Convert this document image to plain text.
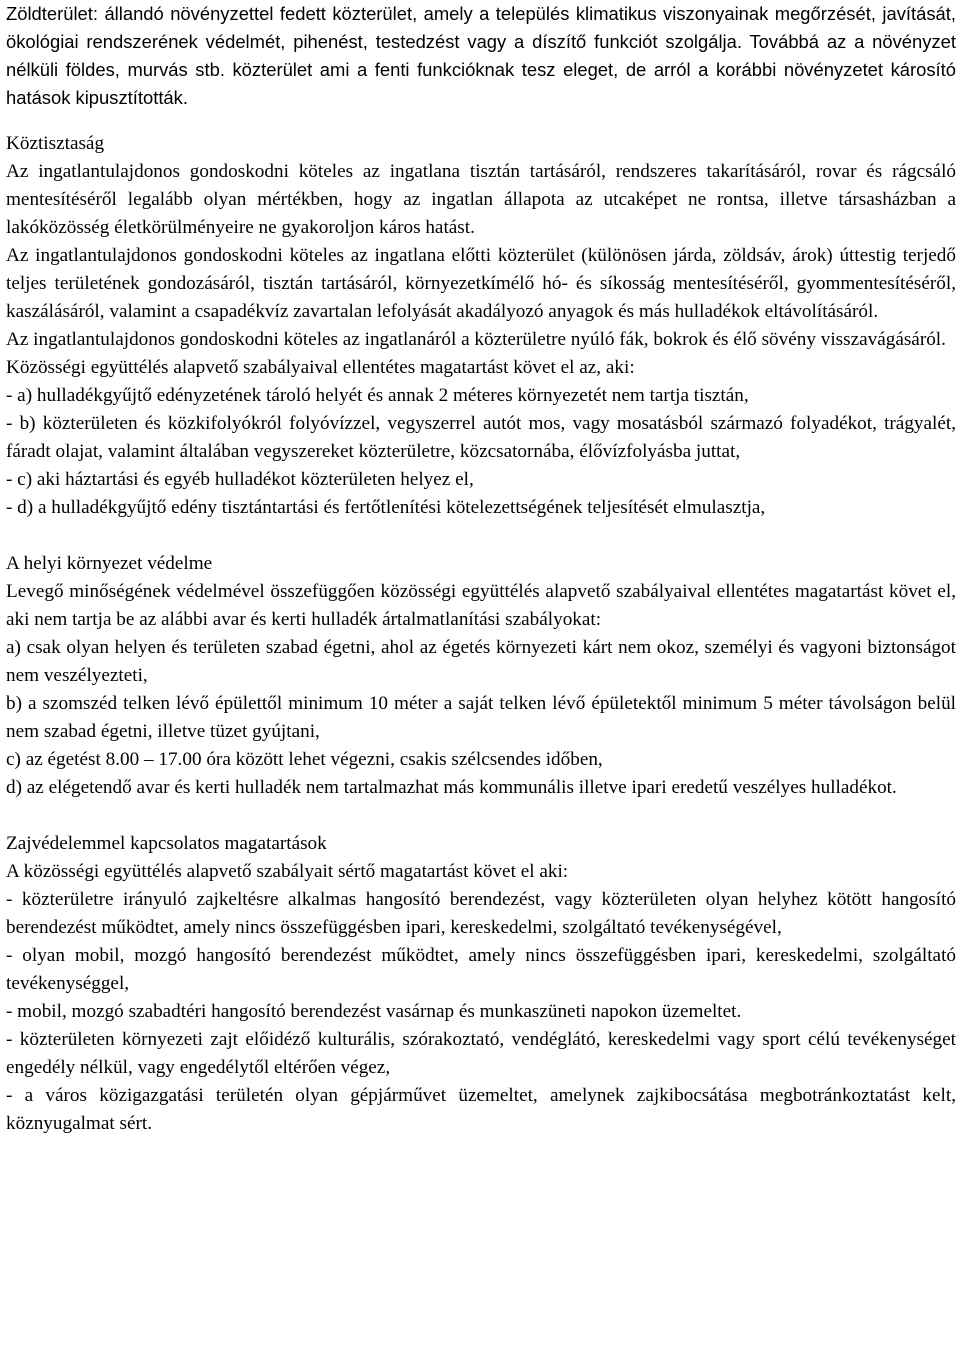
Zöldterület: állandó növényzettel fedett közterület, amely a település klimatikus viszonyainak megőrzését, javítását, ökológiai rendszerének védelmét, pihenést, testedzést vagy a díszítő funkciót szolgálja. Továbbá az a növényzet nélküli földes, murvás stb. közterület ami a fenti funkcióknak tesz eleget, de arról a korábbi növényzetet károsító hatások kipusztították.

Köztisztaság

Az ingatlantulajdonos gondoskodni köteles az ingatlana tisztán tartásáról, rendszeres takarításáról, rovar és rágcsáló mentesítéséről legalább olyan mértékben, hogy az ingatlan állapota az utcaképet ne rontsa, illetve társasházban a lakóközösség életkörülményeire ne gyakoroljon káros hatást.

Az ingatlantulajdonos gondoskodni köteles az ingatlana előtti közterület (különösen járda, zöldsáv, árok) úttestig terjedő teljes területének gondozásáról, tisztán tartásáról, környezetkímélő hó- és síkosság mentesítéséről, gyommentesítéséről, kaszálásáról, valamint a csapadékvíz zavartalan lefolyását akadályozó anyagok és más hulladékok eltávolításáról.

Az ingatlantulajdonos gondoskodni köteles az ingatlanáról a közterületre nyúló fák, bokrok és élő sövény visszavágásáról.

Közösségi együttélés alapvető szabályaival ellentétes magatartást követ el az, aki:

- a) hulladékgyűjtő edényzetének tároló helyét és annak 2 méteres környezetét nem tartja tisztán,

- b) közterületen és közkifolyókról folyóvízzel, vegyszerrel autót mos, vagy mosatásból származó folyadékot, trágyalét, fáradt olajat, valamint általában vegyszereket közterületre, közcsatornába, élővízfolyásba juttat,

- c) aki háztartási és egyéb hulladékot közterületen helyez el,

- d) a hulladékgyűjtő edény tisztántartási és fertőtlenítési kötelezettségének teljesítését elmulasztja,

A helyi környezet védelme

Levegő minőségének védelmével összefüggően közösségi együttélés alapvető szabályaival ellentétes magatartást követ el, aki nem tartja be az alábbi avar és kerti hulladék ártalmatlanítási szabályokat:

a) csak olyan helyen és területen szabad égetni, ahol az égetés környezeti kárt nem okoz, személyi és vagyoni biztonságot nem veszélyezteti,

b) a szomszéd telken lévő épülettől minimum 10 méter a saját telken lévő épületektől minimum 5 méter távolságon belül nem szabad égetni, illetve tüzet gyújtani,

c) az égetést 8.00 – 17.00 óra között lehet végezni, csakis szélcsendes időben,

d) az elégetendő avar és kerti hulladék nem tartalmazhat más kommunális illetve ipari eredetű veszélyes hulladékot.

Zajvédelemmel kapcsolatos magatartások

A közösségi együttélés alapvető szabályait sértő magatartást követ el aki:

- közterületre irányuló zajkeltésre alkalmas hangosító berendezést, vagy közterületen olyan helyhez kötött hangosító berendezést működtet, amely nincs összefüggésben ipari, kereskedelmi, szolgáltató tevékenységével,

- olyan mobil, mozgó hangosító berendezést működtet, amely nincs összefüggésben ipari, kereskedelmi, szolgáltató tevékenységgel,

- mobil, mozgó szabadtéri hangosító berendezést vasárnap és munkaszüneti napokon üzemeltet.

- közterületen környezeti zajt előidéző kulturális, szórakoztató, vendéglátó, kereskedelmi vagy sport célú tevékenységet engedély nélkül, vagy engedélytől eltérően végez,

- a város közigazgatási területén olyan gépjárművet üzemeltet, amelynek zajkibocsátása megbotránkoztatást kelt, köznyugalmat sért.
